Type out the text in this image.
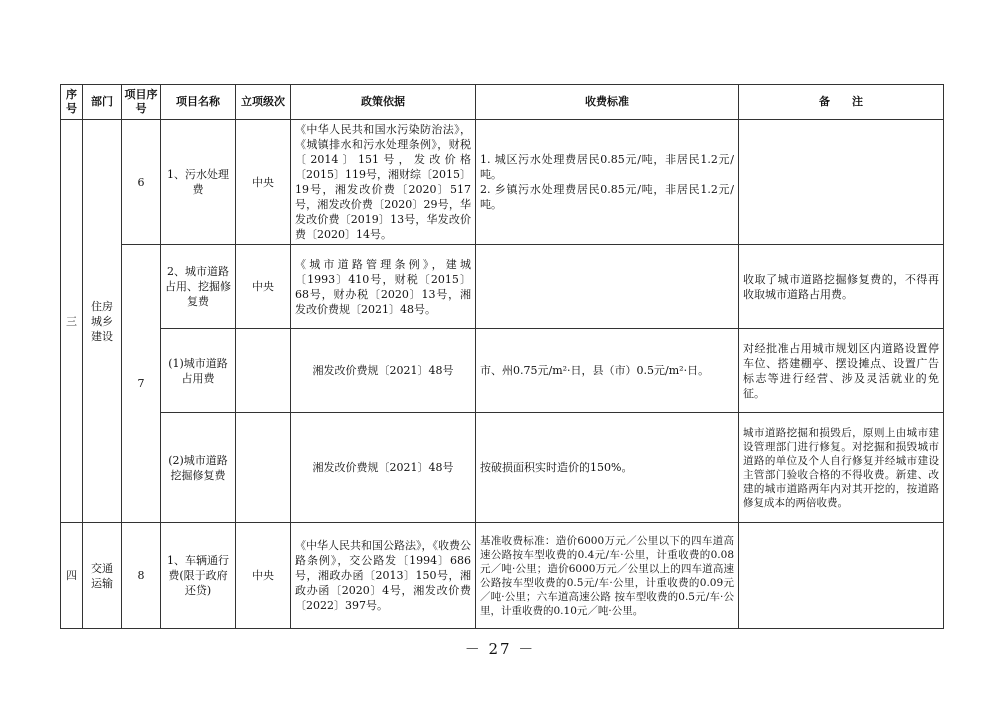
序号	部门	项目序号	项目名称	立项级次	政策依据	收费标准	备　　注
三	住房城乡建设	6	1、污水处理费	中央	《中华人民共和国水污染防治法》，《城镇排水和污水处理条例》，财税〔2014〕151号，发改价格〔2015〕119号，湘财综〔2015〕19号，湘发改价费〔2020〕517号，湘发改价费〔2020〕29号，华发改价费〔2019〕13号，华发改价费〔2020〕14号。	1. 城区污水处理费居民0.85元/吨，非居民1.2元/吨。
2. 乡镇污水处理费居民0.85元/吨，非居民1.2元/吨。	
		7	2、城市道路占用、挖掘修复费	中央	《城市道路管理条例》，建城〔1993〕410号，财税〔2015〕68号，财办税〔2020〕13号，湘发改价费规〔2021〕48号。		收取了城市道路挖掘修复费的，不得再收取城市道路占用费。
			(1)城市道路占用费		湘发改价费规〔2021〕48号	市、州0.75元/m²·日，县（市）0.5元/m²·日。	对经批准占用城市规划区内道路设置停车位、搭建棚亭、摆设摊点、设置广告标志等进行经营、涉及灵活就业的免征。
			(2)城市道路挖掘修复费		湘发改价费规〔2021〕48号	按破损面积实时造价的150%。	城市道路挖掘和损毁后，原则上由城市建设管理部门进行修复。对挖掘和损毁城市道路的单位及个人自行修复并经城市建设主管部门验收合格的不得收费。新建、改建的城市道路两年内对其开挖的，按道路修复成本的两倍收费。
四	交通运输	8	1、车辆通行费(限于政府还贷)	中央	《中华人民共和国公路法》，《收费公路条例》，交公路发〔1994〕686号，湘政办函〔2013〕150号，湘政办函〔2020〕4号，湘发改价费〔2022〕397号。	基准收费标准：造价6000万元／公里以下的四车道高速公路按车型收费的0.4元/车·公里，计重收费的0.08元／吨·公里；造价6000万元／公里以上的四车道高速公路按车型收费的0.5元/车·公里，计重收费的0.09元／吨·公里；六车道高速公路 按车型收费的0.5元/车·公里，计重收费的0.10元／吨·公里。	
－ 27 －
